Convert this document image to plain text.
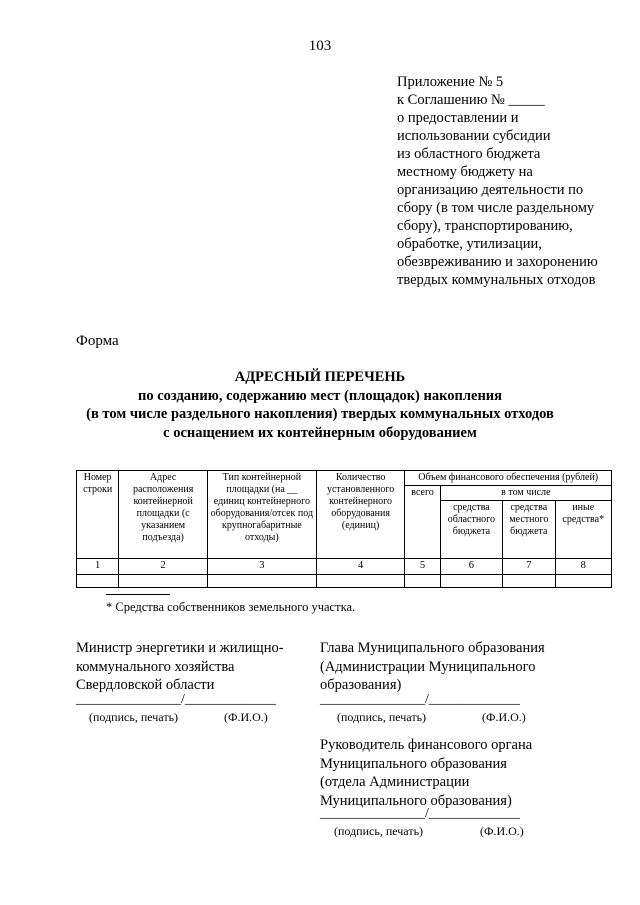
103
Приложение № 5
к Соглашению № _____
о предоставлении и
использовании субсидии
из областного бюджета
местному бюджету на
организацию деятельности по
сбору (в том числе раздельному
сбору), транспортированию,
обработке, утилизации,
обезвреживанию и захоронению
твердых коммунальных отходов
Форма
АДРЕСНЫЙ ПЕРЕЧЕНЬ
по созданию, содержанию мест (площадок) накопления
(в том числе раздельного накопления) твердых коммунальных отходов
с оснащением их контейнерным оборудованием
Номер строки	Адрес расположения контейнерной площадки (с указанием подъезда)	Тип контейнерной площадки (на __ единиц контейнерного оборудования/отсек под крупногабаритные отходы)	Количество установленного контейнерного оборудования (единиц)	Объем финансового обеспечения (рублей)			
				всего	в том числе		
					средства областного бюджета	средства местного бюджета	иные средства*
1	2	3	4	5	6	7	8

* Средства собственников земельного участка.
Министр энергетики и жилищно-
коммунального хозяйства
Свердловской области
_______________/_____________
(подпись, печать)	(Ф.И.О.)
Глава Муниципального образования
(Администрации Муниципального
образования)
_______________/_____________
(подпись, печать)	(Ф.И.О.)
Руководитель финансового органа
Муниципального образования
(отдела Администрации
Муниципального образования)
_______________/_____________
(подпись, печать)	(Ф.И.О.)
